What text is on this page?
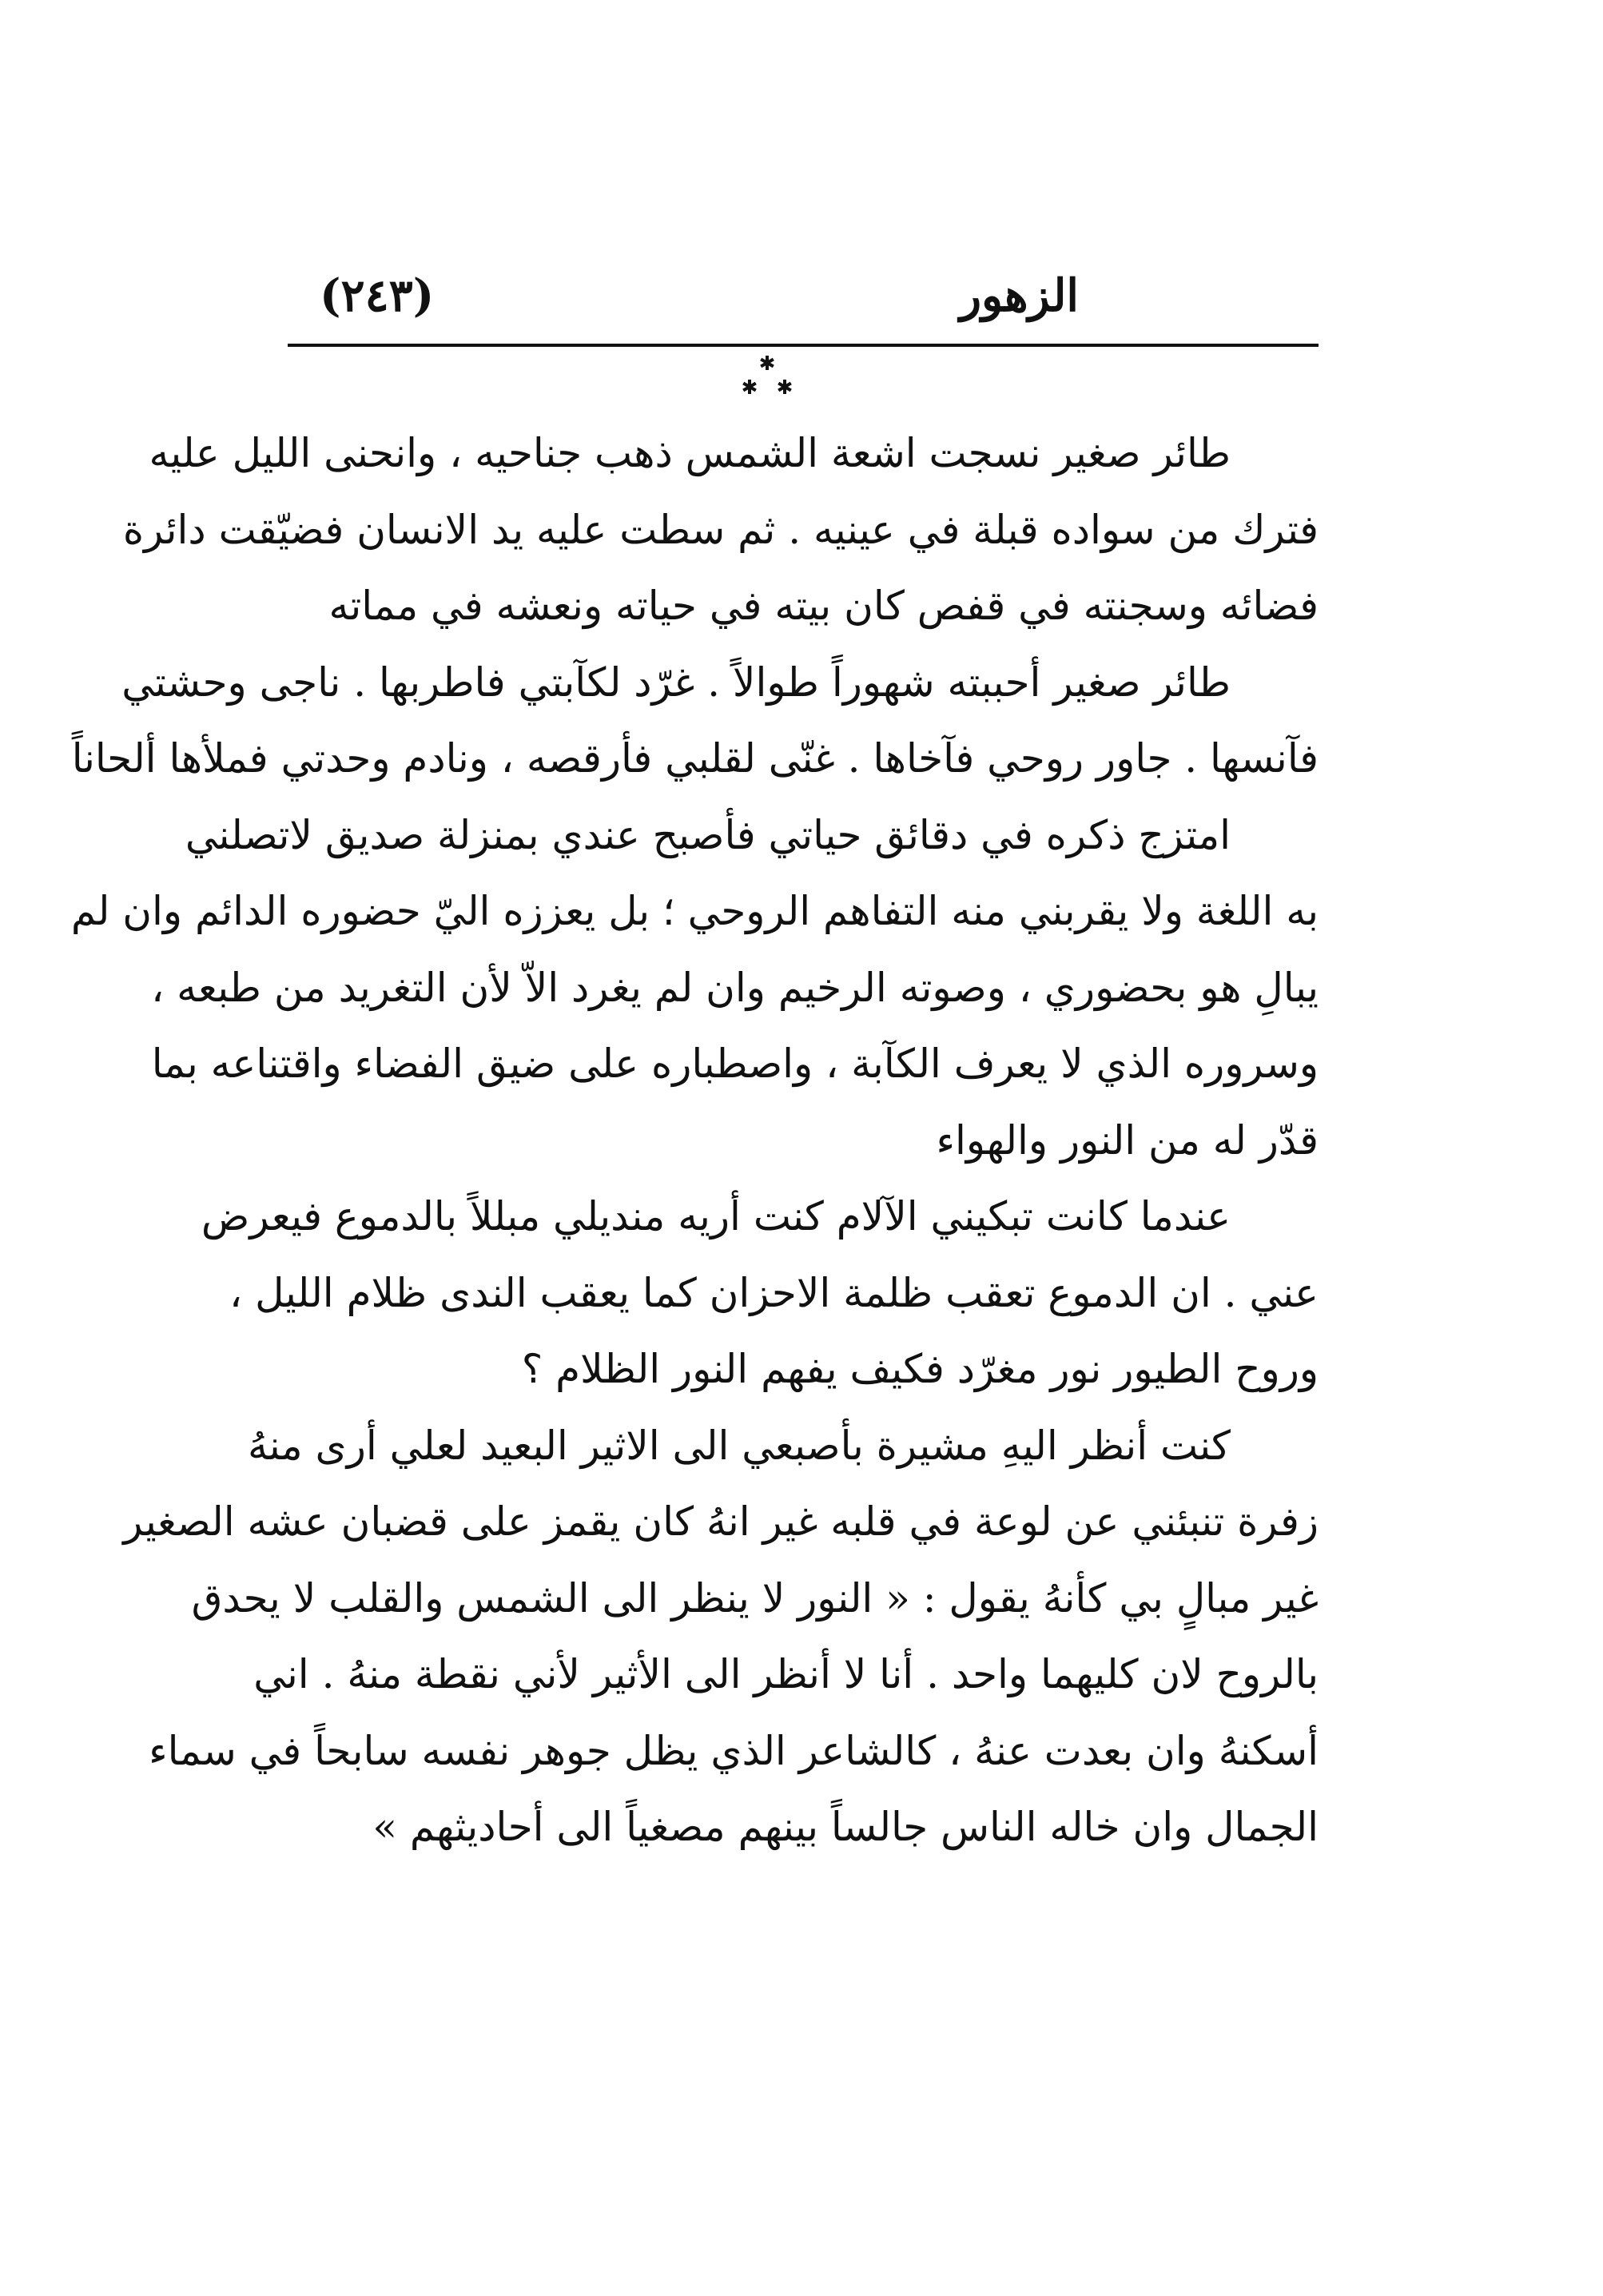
الزهور
(٢٤٣)
طائر صغير نسجت اشعة الشمس ذهب جناحيه ، وانحنى الليل عليه
فترك من سواده قبلة في عينيه . ثم سطت عليه يد الانسان فضيّقت دائرة
فضائه وسجنته في قفص كان بيته في حياته ونعشه في مماته
طائر صغير أحببته شهوراً طوالاً . غرّد لكآبتي فاطربها . ناجى وحشتي
فآنسها . جاور روحي فآخاها . غنّى لقلبي فأرقصه ، ونادم وحدتي فملأها ألحاناً
امتزج ذكره في دقائق حياتي فأصبح عندي بمنزلة صديق لاتصلني
به اللغة ولا يقربني منه التفاهم الروحي ؛ بل يعززه اليّ حضوره الدائم وان لم
يبالِ هو بحضوري ، وصوته الرخيم وان لم يغرد الاّ لأن التغريد من طبعه ،
وسروره الذي لا يعرف الكآبة ، واصطباره على ضيق الفضاء واقتناعه بما
قدّر له من النور والهواء
عندما كانت تبكيني الآلام كنت أريه منديلي مبللاً بالدموع فيعرض
عني . ان الدموع تعقب ظلمة الاحزان كما يعقب الندى ظلام الليل ،
وروح الطيور نور مغرّد فكيف يفهم النور الظلام ؟
كنت أنظر اليهِ مشيرة بأصبعي الى الاثير البعيد لعلي أرى منهُ
زفرة تنبئني عن لوعة في قلبه غير انهُ كان يقمز على قضبان عشه الصغير
غير مبالٍ بي كأنهُ يقول : « النور لا ينظر الى الشمس والقلب لا يحدق
بالروح لان كليهما واحد . أنا لا أنظر الى الأثير لأني نقطة منهُ . اني
أسكنهُ وان بعدت عنهُ ، كالشاعر الذي يظل جوهر نفسه سابحاً في سماء
الجمال وان خاله الناس جالساً بينهم مصغياً الى أحاديثهم »
